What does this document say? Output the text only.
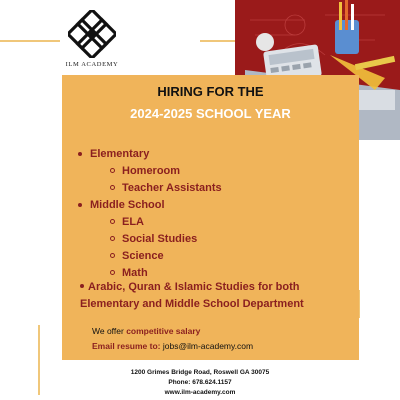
ILM ACADEMY
HIRING FOR THE
2024-2025 SCHOOL YEAR
Elementary
Homeroom
Teacher Assistants
Middle School
ELA
Social Studies
Science
Math
Arabic, Quran & Islamic Studies for both Elementary and Middle School Department
We offer competitive salary
Email resume to: jobs@ilm-academy.com
1200 Grimes Bridge Road, Roswell GA 30075
Phone: 678.624.1157
www.ilm-academy.com
